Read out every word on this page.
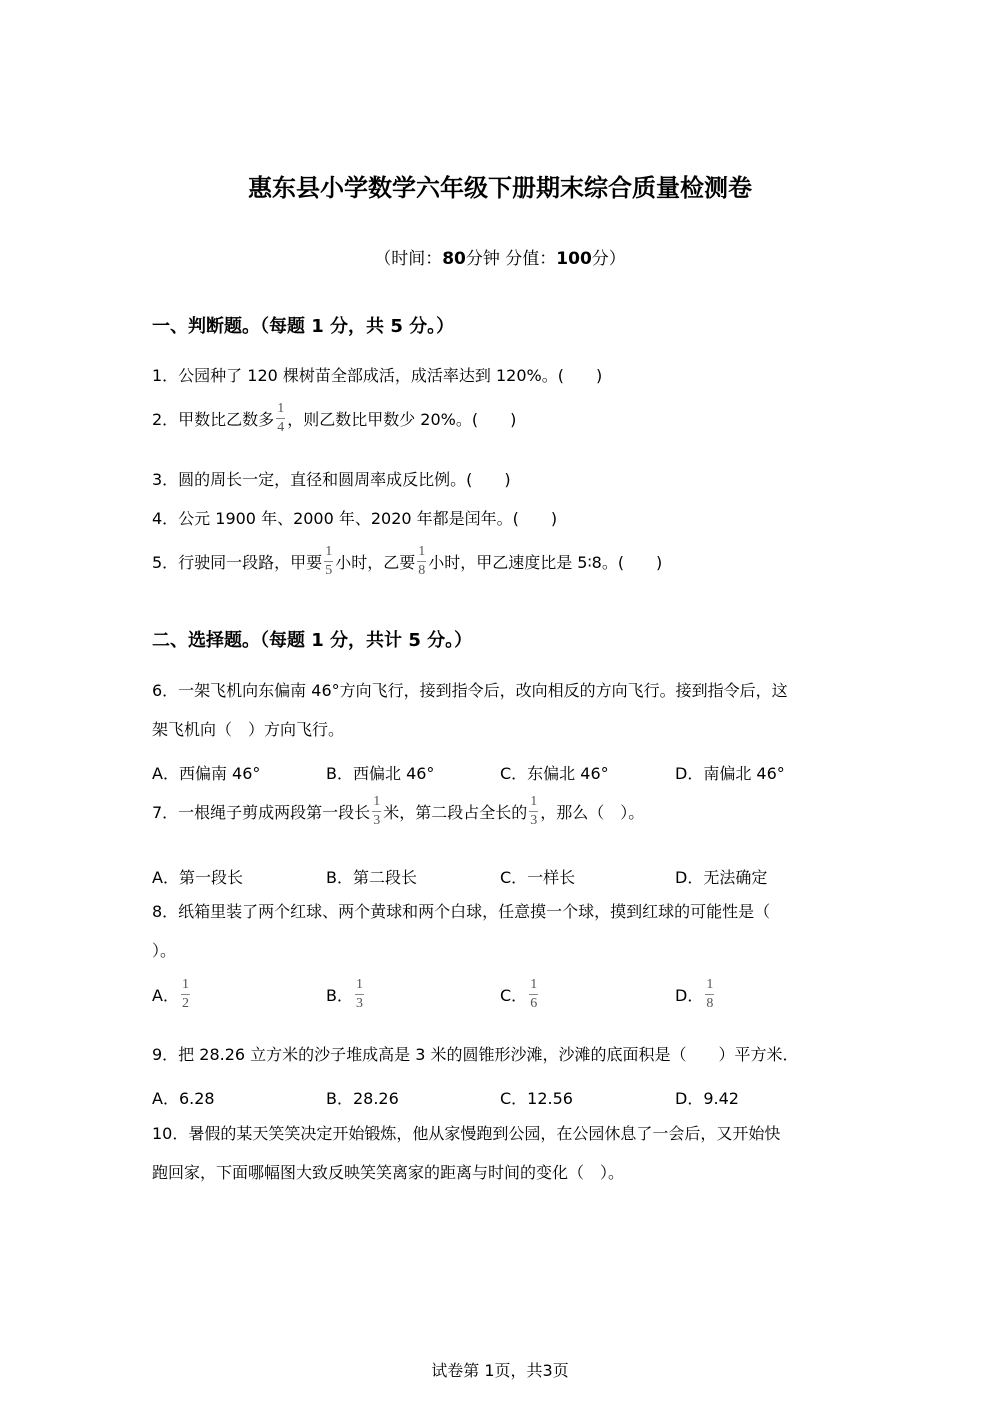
惠东县小学数学六年级下册期末综合质量检测卷
（时间：80分钟 分值：100分）
一、判断题。（每题 1 分，共 5 分。）
1．公园种了 120 棵树苗全部成活，成活率达到 120%。(　　)
2．甲数比乙数多 $\frac{1}{4}$ ，则乙数比甲数少 20%。(　　)
3．圆的周长一定，直径和圆周率成反比例。(　　)
4．公元 1900 年、2000 年、2020 年都是闰年。(　　)
5．行驶同一段路，甲要 $\frac{1}{5}$ 小时，乙要 $\frac{1}{8}$ 小时，甲乙速度比是 5∶8。(　　)
二、选择题。（每题 1 分，共计 5 分。）
6．一架飞机向东偏南 46°方向飞行，接到指令后，改向相反的方向飞行。接到指令后，这
架飞机向（　）方向飞行。
A．西偏南 46°	B．西偏北 46°	C．东偏北 46°	D．南偏北 46°
7．一根绳子剪成两段第一段长 $\frac{1}{3}$ 米，第二段占全长的 $\frac{1}{3}$ ，那么（　）。
A．第一段长	B．第二段长	C．一样长	D．无法确定
8．纸箱里装了两个红球、两个黄球和两个白球，任意摸一个球，摸到红球的可能性是（
）。
A． $\frac{1}{2}$	B． $\frac{1}{3}$	C． $\frac{1}{6}$	D． $\frac{1}{8}$
9．把 28.26 立方米的沙子堆成高是 3 米的圆锥形沙滩，沙滩的底面积是（　　）平方米．
A．6.28	B．28.26	C．12.56	D．9.42
10．暑假的某天笑笑决定开始锻炼，他从家慢跑到公园，在公园休息了一会后，又开始快
跑回家，下面哪幅图大致反映笑笑离家的距离与时间的变化（　）。
试卷第 1页，共3页
